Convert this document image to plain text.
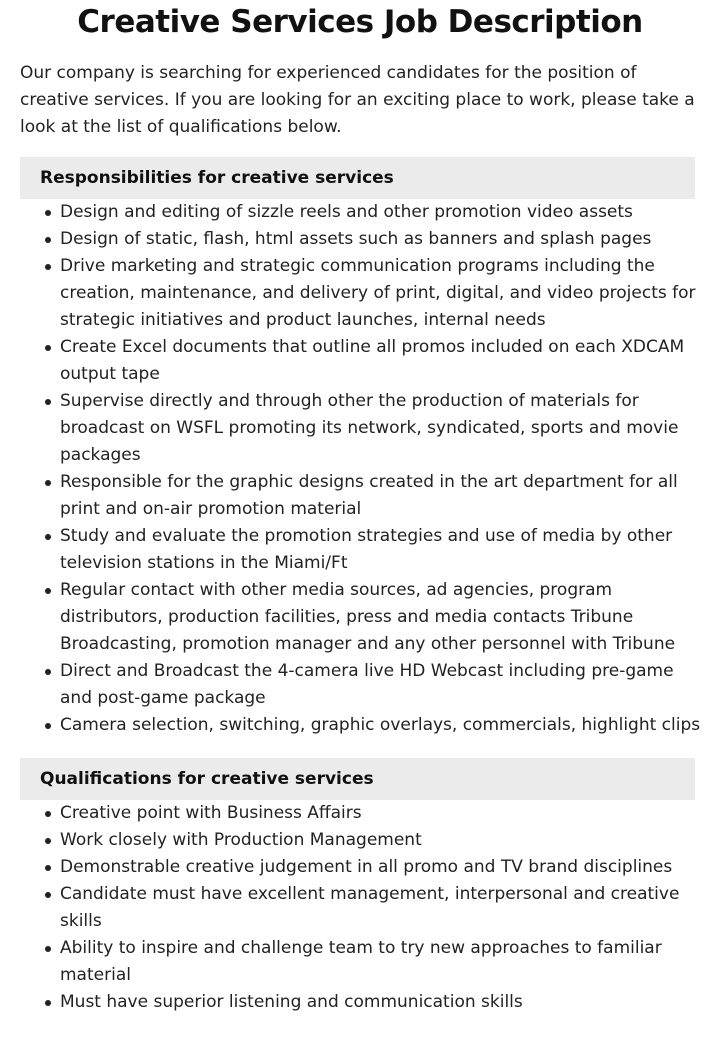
Creative Services Job Description

Our company is searching for experienced candidates for the position of creative services. If you are looking for an exciting place to work, please take a look at the list of qualifications below.

Responsibilities for creative services
Design and editing of sizzle reels and other promotion video assets
Design of static, flash, html assets such as banners and splash pages
Drive marketing and strategic communication programs including the creation, maintenance, and delivery of print, digital, and video projects for strategic initiatives and product launches, internal needs
Create Excel documents that outline all promos included on each XDCAM output tape
Supervise directly and through other the production of materials for broadcast on WSFL promoting its network, syndicated, sports and movie packages
Responsible for the graphic designs created in the art department for all print and on-air promotion material
Study and evaluate the promotion strategies and use of media by other television stations in the Miami/Ft
Regular contact with other media sources, ad agencies, program distributors, production facilities, press and media contacts Tribune Broadcasting, promotion manager and any other personnel with Tribune
Direct and Broadcast the 4-camera live HD Webcast including pre-game and post-game package
Camera selection, switching, graphic overlays, commercials, highlight clips
Qualifications for creative services
Creative point with Business Affairs
Work closely with Production Management
Demonstrable creative judgement in all promo and TV brand disciplines
Candidate must have excellent management, interpersonal and creative skills
Ability to inspire and challenge team to try new approaches to familiar material
Must have superior listening and communication skills
